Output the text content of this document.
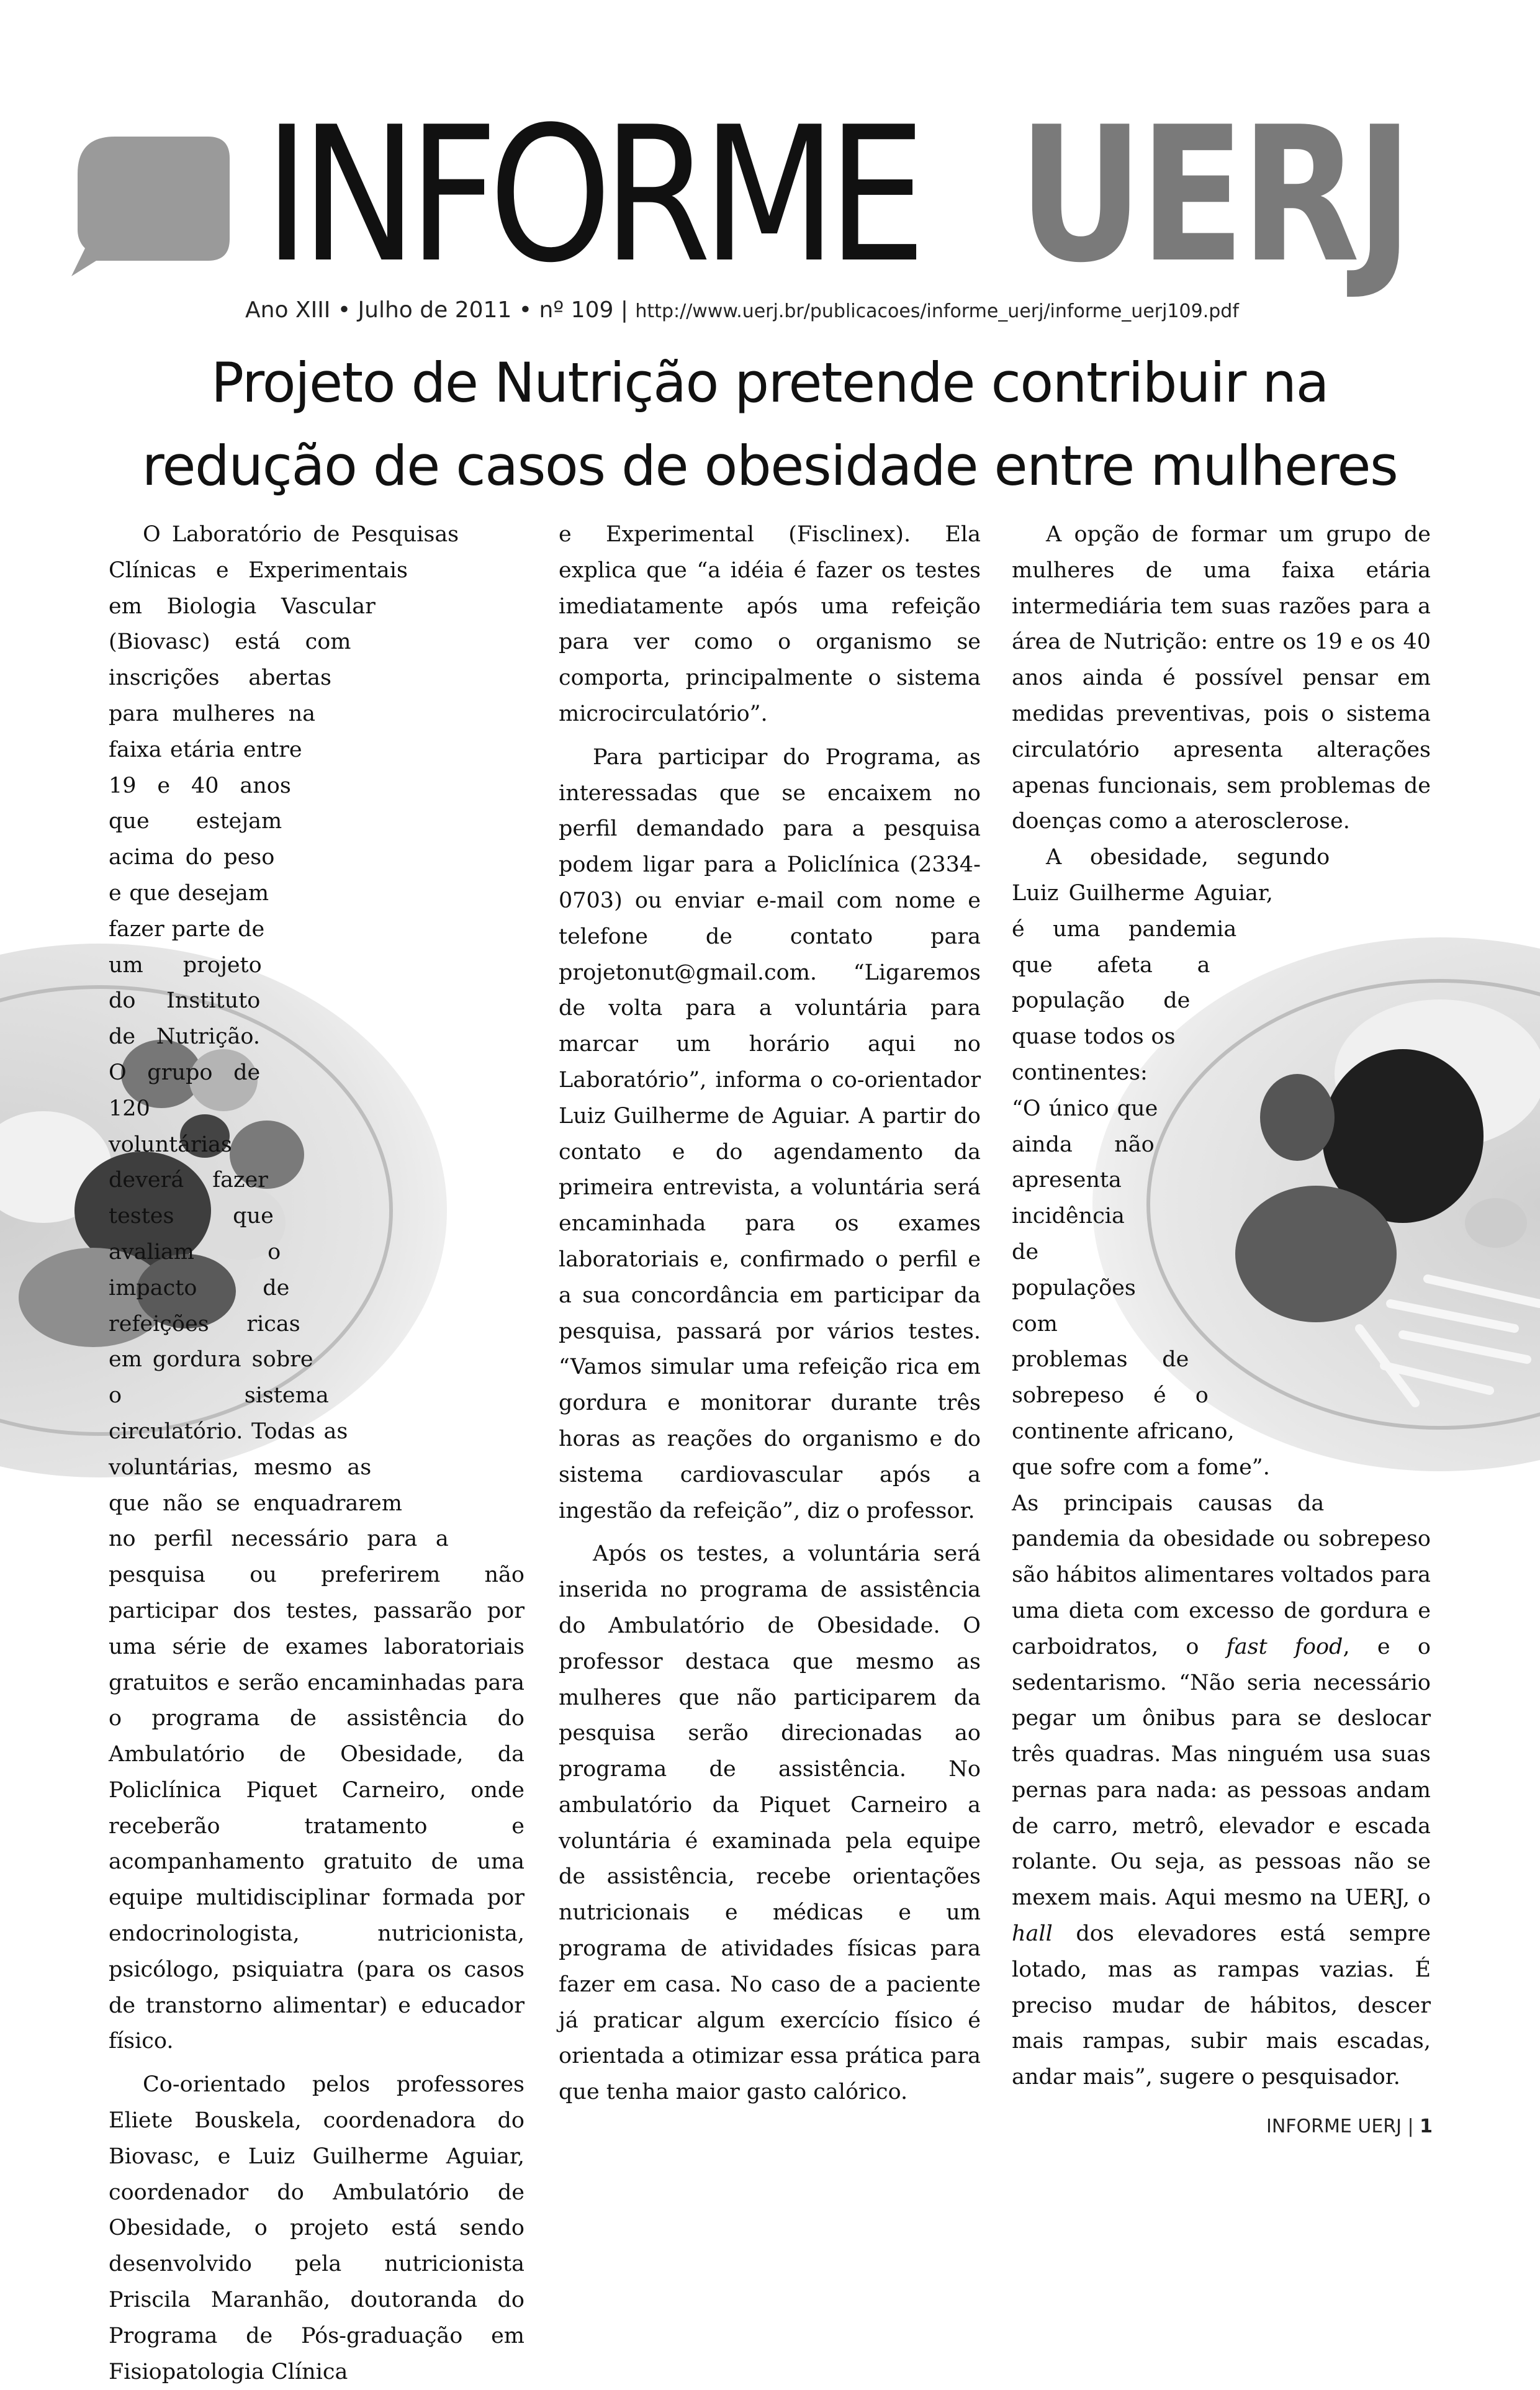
INFORME UERJ
Ano XIII • Julho de 2011 • nº 109 | http://www.uerj.br/publicacoes/informe_uerj/informe_uerj109.pdf
Projeto de Nutrição pretende contribuir na
redução de casos de obesidade entre mulheres

O Laboratório de Pesquisas Clínicas e Experimentais em Biologia Vascular (Biovasc) está com inscrições abertas para mulheres na faixa etária entre 19 e 40 anos que estejam acima do peso e que desejam fazer parte de um projeto do Instituto de Nutrição. O grupo de 120 voluntárias deverá fazer testes que avaliam o impacto de refeições ricas em gordura sobre o sistema circulatório. Todas as voluntárias, mesmo as que não se enquadrarem no perfil necessário para a pesquisa ou preferirem não participar dos testes, passarão por uma série de exames laboratoriais gratuitos e serão encaminhadas para o programa de assistência do Ambulatório de Obesidade, da Policlínica Piquet Carneiro, onde receberão tratamento e acompanhamento gratuito de uma equipe multidisciplinar formada por endocrinologista, nutricionista, psicólogo, psiquiatra (para os casos de transtorno alimentar) e educador físico.

Co-orientado pelos professores Eliete Bouskela, coordenadora do Biovasc, e Luiz Guilherme Aguiar, coordenador do Ambulatório de Obesidade, o projeto está sendo desenvolvido pela nutricionista Priscila Maranhão, doutoranda do Programa de Pós-graduação em Fisiopatologia Clínica

e Experimental (Fisclinex). Ela explica que “a idéia é fazer os testes imediatamente após uma refeição para ver como o organismo se comporta, principalmente o sistema microcirculatório”.

Para participar do Programa, as interessadas que se encaixem no perfil demandado para a pesquisa podem ligar para a Policlínica (2334-0703) ou enviar e-mail com nome e telefone de contato para projetonut@gmail.com. “Ligaremos de volta para a voluntária para marcar um horário aqui no Laboratório”, informa o co-orientador Luiz Guilherme de Aguiar. A partir do contato e do agendamento da primeira entrevista, a voluntária será encaminhada para os exames laboratoriais e, confirmado o perfil e a sua concordância em participar da pesquisa, passará por vários testes. “Vamos simular uma refeição rica em gordura e monitorar durante três horas as reações do organismo e do sistema cardiovascular após a ingestão da refeição”, diz o professor.

Após os testes, a voluntária será inserida no programa de assistência do Ambulatório de Obesidade. O professor destaca que mesmo as mulheres que não participarem da pesquisa serão direcionadas ao programa de assistência. No ambulatório da Piquet Carneiro a voluntária é examinada pela equipe de assistência, recebe orientações nutricionais e médicas e um programa de atividades físicas para fazer em casa. No caso de a paciente já praticar algum exercício físico é orientada a otimizar essa prática para que tenha maior gasto calórico.

A opção de formar um grupo de mulheres de uma faixa etária intermediária tem suas razões para a área de Nutrição: entre os 19 e os 40 anos ainda é possível pensar em medidas preventivas, pois o sistema circulatório apresenta alterações apenas funcionais, sem problemas de doenças como a aterosclerose.

A obesidade, segundo Luiz Guilherme Aguiar, é uma pandemia que afeta a população de quase todos os continentes: “O único que ainda não apresenta incidência de populações com problemas de sobrepeso é o continente africano, que sofre com a fome”. As principais causas da pandemia da obesidade ou sobrepeso são hábitos alimentares voltados para uma dieta com excesso de gordura e carboidratos, o fast food, e o sedentarismo. “Não seria necessário pegar um ônibus para se deslocar três quadras. Mas ninguém usa suas pernas para nada: as pessoas andam de carro, metrô, elevador e escada rolante. Ou seja, as pessoas não se mexem mais. Aqui mesmo na UERJ, o hall dos elevadores está sempre lotado, mas as rampas vazias. É preciso mudar de hábitos, descer mais rampas, subir mais escadas, andar mais”, sugere o pesquisador.

INFORME UERJ | 1
